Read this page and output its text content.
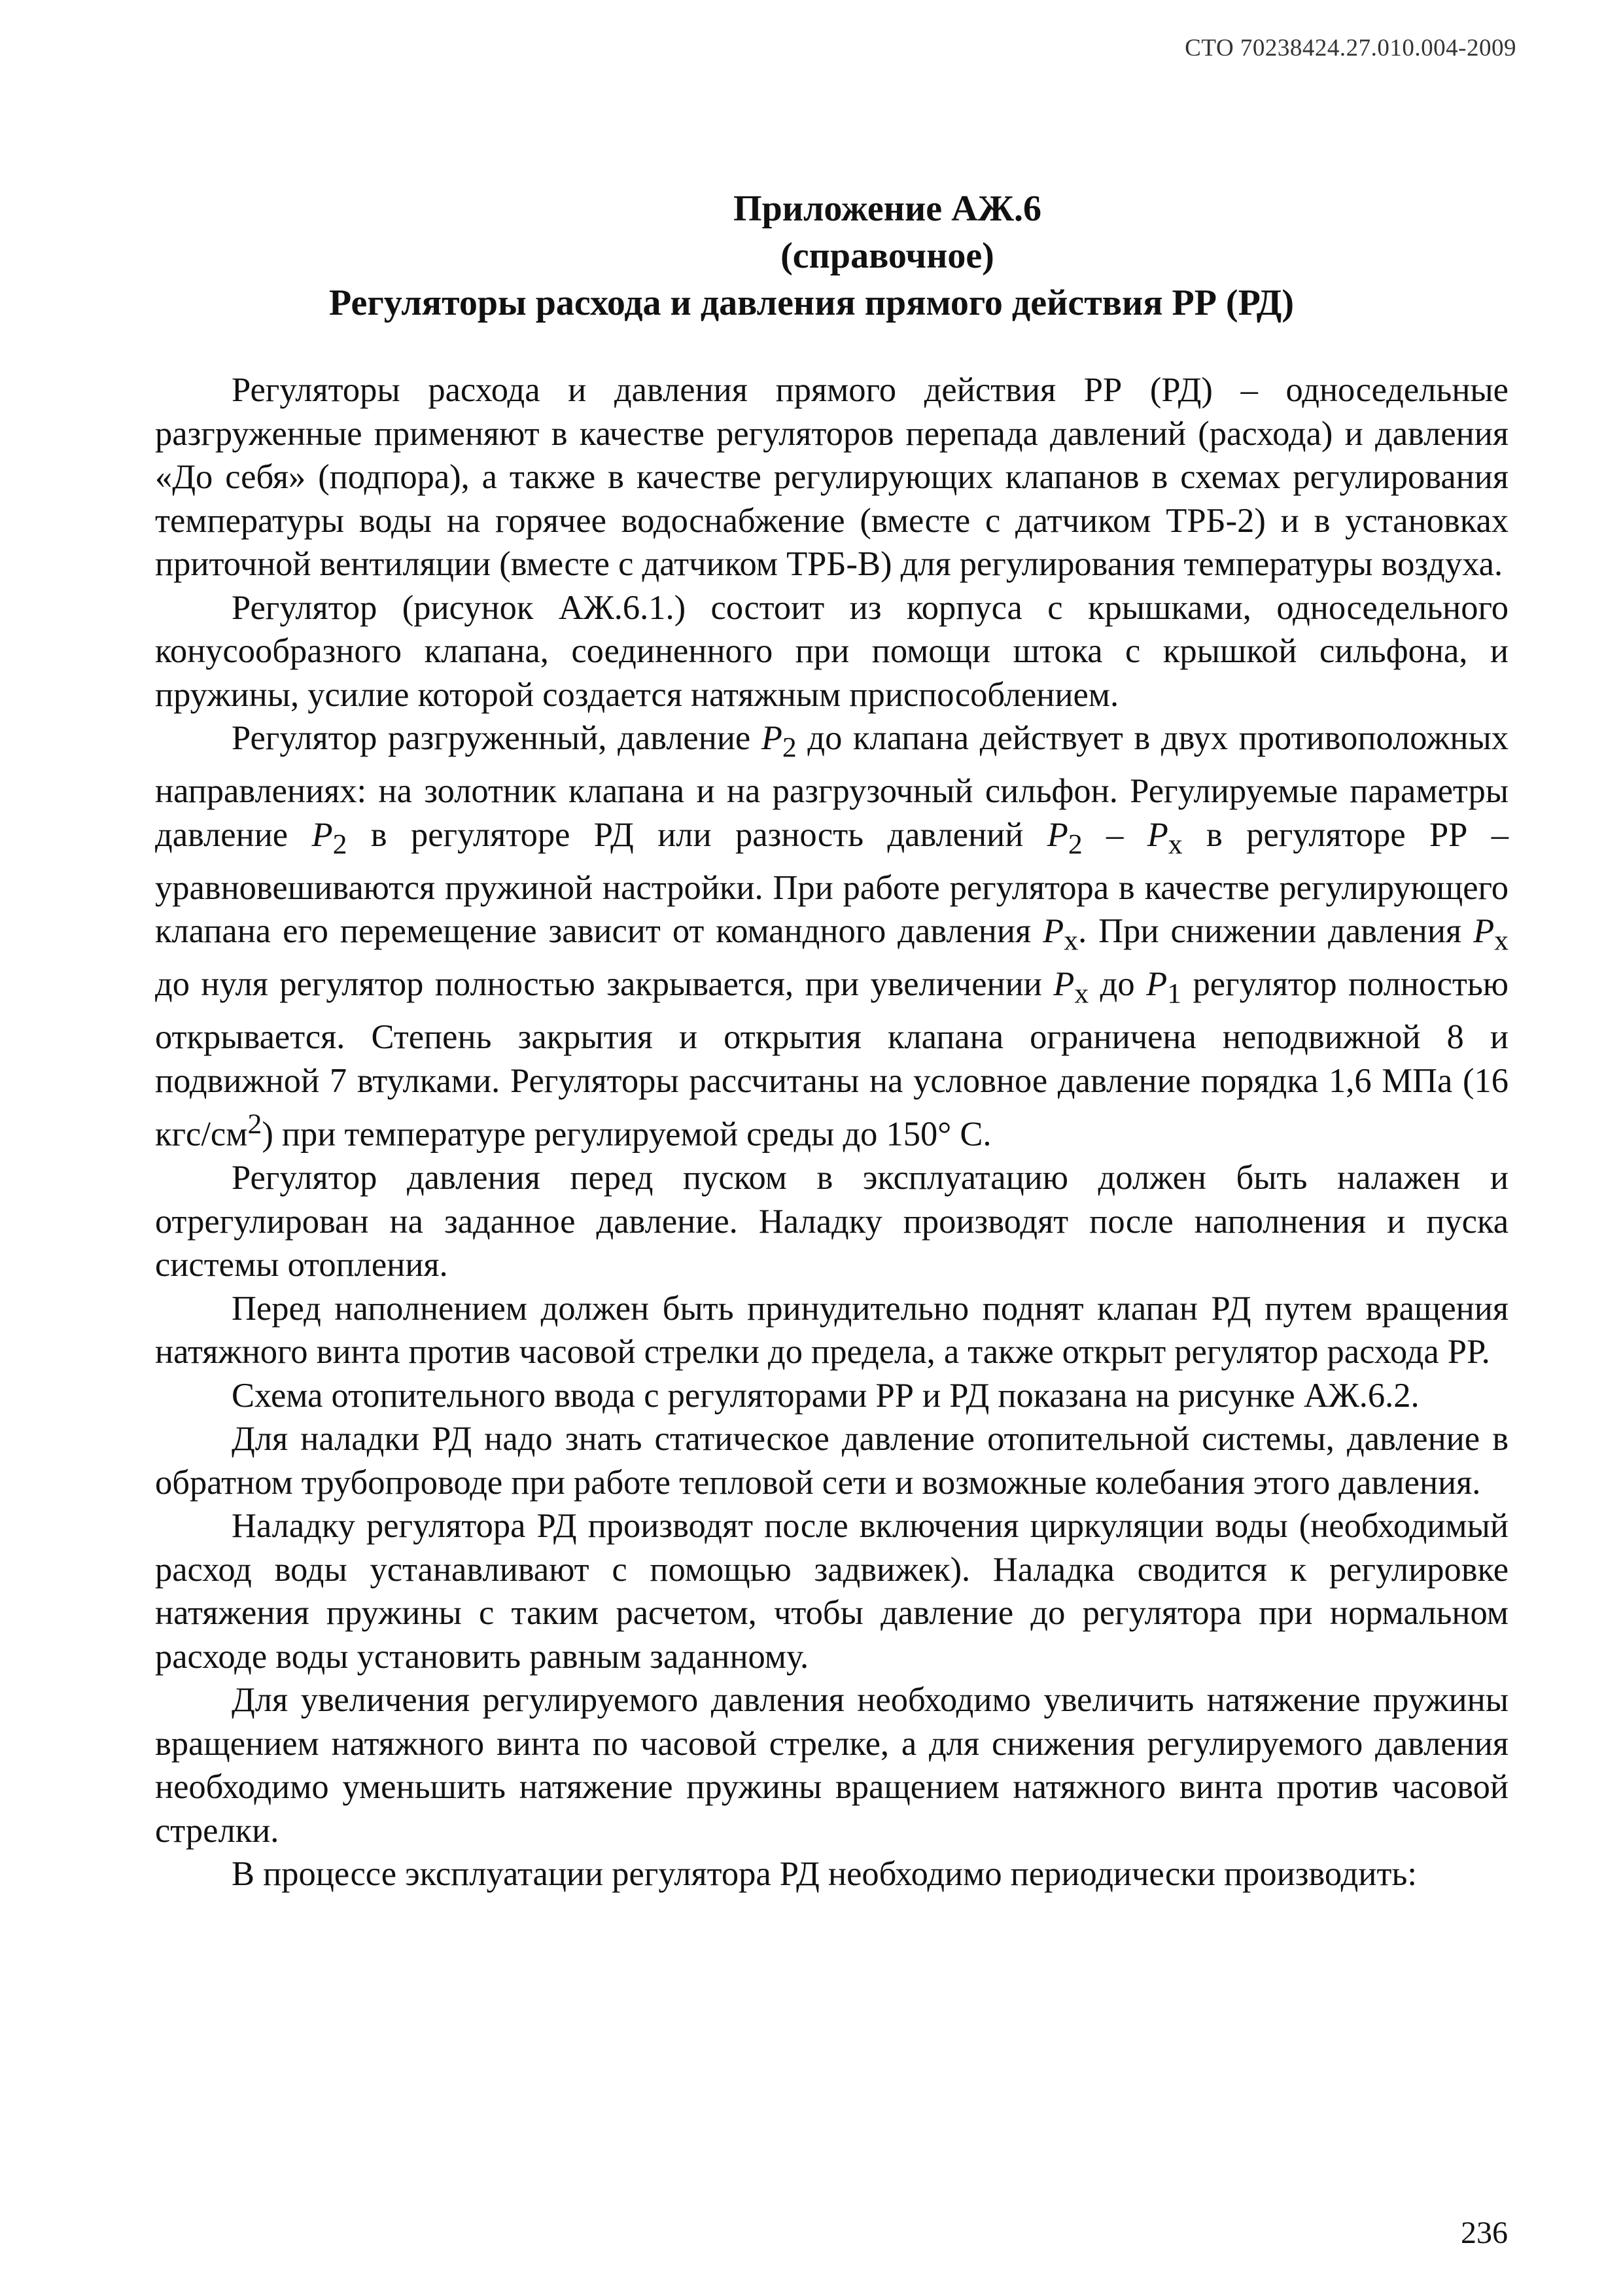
СТО 70238424.27.010.004-2009
Приложение АЖ.6
(справочное)
Регуляторы расхода и давления прямого действия РР (РД)

Регуляторы расхода и давления прямого действия РР (РД) – односедельные разгруженные применяют в качестве регуляторов перепада давлений (расхода) и давления «До себя» (подпора), а также в качестве регулирующих клапанов в схемах регулирования температуры воды на горячее водоснабжение (вместе с датчиком ТРБ-2) и в установках приточной вентиляции (вместе с датчиком ТРБ-В) для регулирования температуры воздуха.

Регулятор (рисунок АЖ.6.1.) состоит из корпуса с крышками, односедельного конусообразного клапана, соединенного при помощи штока с крышкой сильфона, и пружины, усилие которой создается натяжным приспособлением.

Регулятор разгруженный, давление $P_2$ до клапана действует в двух противоположных направлениях: на золотник клапана и на разгрузочный сильфон. Регулируемые параметры давление $P_2$ в регуляторе РД или разность давлений $P_2 - P_х$ в регуляторе РР – уравновешиваются пружиной настройки. При работе регулятора в качестве регулирующего клапана его перемещение зависит от командного давления $P_х$. При снижении давления $P_х$ до нуля регулятор полностью закрывается, при увеличении $P_х$ до $P_1$ регулятор полностью открывается. Степень закрытия и открытия клапана ограничена неподвижной 8 и подвижной 7 втулками. Регуляторы рассчитаны на условное давление порядка 1,6 МПа (16 кгс/$см^2$) при температуре регулируемой среды до 150° С.

Регулятор давления перед пуском в эксплуатацию должен быть налажен и отрегулирован на заданное давление. Наладку производят после наполнения и пуска системы отопления.

Перед наполнением должен быть принудительно поднят клапан РД путем вращения натяжного винта против часовой стрелки до предела, а также открыт регулятор расхода РР.

Схема отопительного ввода с регуляторами РР и РД показана на рисунке АЖ.6.2.

Для наладки РД надо знать статическое давление отопительной системы, давление в обратном трубопроводе при работе тепловой сети и возможные колебания этого давления.

Наладку регулятора РД производят после включения циркуляции воды (необходимый расход воды устанавливают с помощью задвижек). Наладка сводится к регулировке натяжения пружины с таким расчетом, чтобы давление до регулятора при нормальном расходе воды установить равным заданному.

Для увеличения регулируемого давления необходимо увеличить натяжение пружины вращением натяжного винта по часовой стрелке, а для снижения регулируемого давления необходимо уменьшить натяжение пружины вращением натяжного винта против часовой стрелки.

В процессе эксплуатации регулятора РД необходимо периодически производить:

236
